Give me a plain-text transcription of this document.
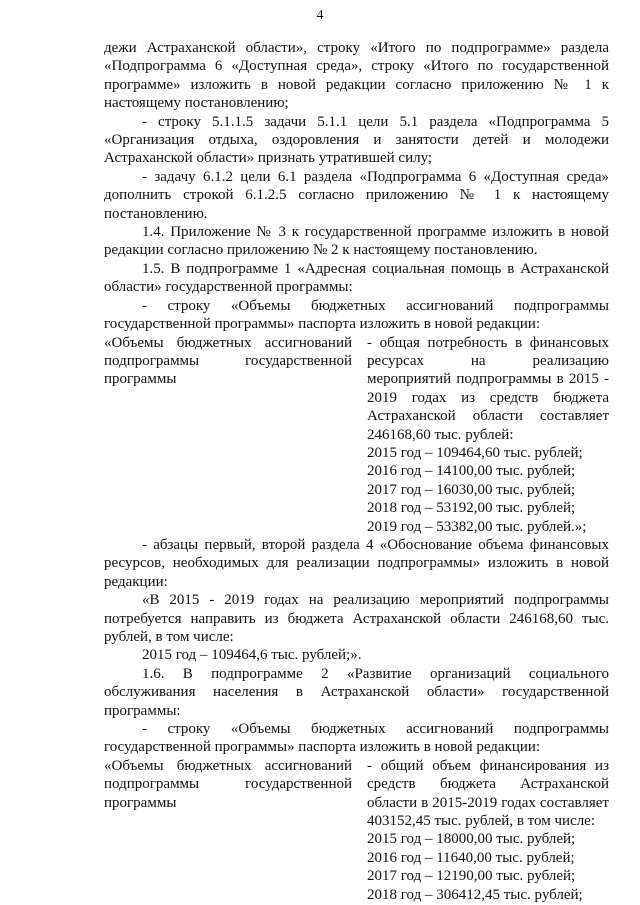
4

дежи Астраханской области», строку «Итого по подпрограмме» раздела «Подпрограмма 6 «Доступная среда», строку «Итого по государственной программе» изложить в новой редакции согласно приложению № 1 к настоящему постановлению;

- строку 5.1.1.5 задачи 5.1.1 цели 5.1 раздела «Подпрограмма 5 «Организация отдыха, оздоровления и занятости детей и молодежи Астраханской области» признать утратившей силу;

- задачу 6.1.2 цели 6.1 раздела «Подпрограмма 6 «Доступная среда» дополнить строкой 6.1.2.5 согласно приложению № 1 к настоящему постановлению.

1.4. Приложение № 3 к государственной программе изложить в новой редакции согласно приложению № 2 к настоящему постановлению.

1.5. В подпрограмме 1 «Адресная социальная помощь в Астраханской области» государственной программы:

- строку «Объемы бюджетных ассигнований подпрограммы государственной программы» паспорта изложить в новой редакции:

«Объемы бюджетных ассигнований подпрограммы государственной программы
- общая потребность в финансовых ресурсах на реализацию мероприятий подпрограммы в 2015 - 2019 годах из средств бюджета Астраханской области составляет 246168,60 тыс. рублей:
2015 год – 109464,60 тыс. рублей;
2016 год – 14100,00 тыс. рублей;
2017 год – 16030,00 тыс. рублей;
2018 год – 53192,00 тыс. рублей;
2019 год – 53382,00 тыс. рублей.»;

- абзацы первый, второй раздела 4 «Обоснование объема финансовых ресурсов, необходимых для реализации подпрограммы» изложить в новой редакции:

«В 2015 - 2019 годах на реализацию мероприятий подпрограммы потребуется направить из бюджета Астраханской области 246168,60 тыс. рублей, в том числе:

2015 год – 109464,6 тыс. рублей;».

1.6. В подпрограмме 2 «Развитие организаций социального обслуживания населения в Астраханской области» государственной программы:

- строку «Объемы бюджетных ассигнований подпрограммы государственной программы» паспорта изложить в новой редакции:

«Объемы бюджетных ассигнований подпрограммы государственной программы
- общий объем финансирования из средств бюджета Астраханской области в 2015-2019 годах составляет 403152,45 тыс. рублей, в том числе:
2015 год – 18000,00 тыс. рублей;
2016 год – 11640,00 тыс. рублей;
2017 год – 12190,00 тыс. рублей;
2018 год – 306412,45 тыс. рублей;
